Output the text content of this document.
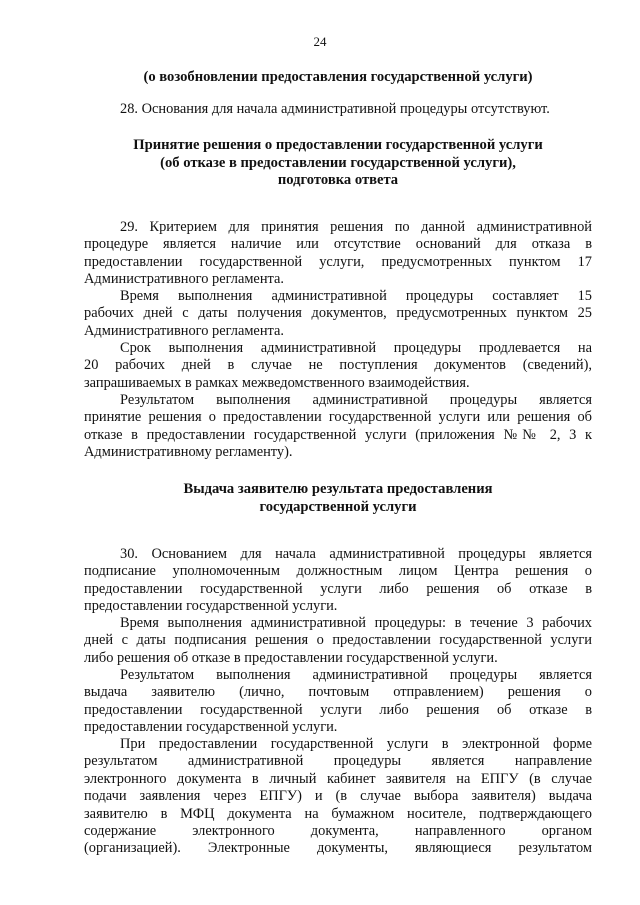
24
(о возобновлении предоставления государственной услуги)
28. Основания для начала административной процедуры отсутствуют.
Принятие решения о предоставлении государственной услуги
(об отказе в предоставлении государственной услуги),
подготовка ответа
29. Критерием для принятия решения по данной административной
процедуре является наличие или отсутствие оснований для отказа в
предоставлении государственной услуги, предусмотренных пунктом 17
Административного регламента.
Время выполнения административной процедуры составляет 15
рабочих дней с даты получения документов, предусмотренных пунктом 25
Административного регламента.
Срок выполнения административной процедуры продлевается на
20 рабочих дней в случае не поступления документов (сведений),
запрашиваемых в рамках межведомственного взаимодействия.
Результатом выполнения административной процедуры является
принятие решения о предоставлении государственной услуги или решения об
отказе в предоставлении государственной услуги (приложения №№ 2, 3 к
Административному регламенту).
Выдача заявителю результата предоставления
государственной услуги
30. Основанием для начала административной процедуры является
подписание уполномоченным должностным лицом Центра решения о
предоставлении государственной услуги либо решения об отказе в
предоставлении государственной услуги.
Время выполнения административной процедуры: в течение 3 рабочих
дней с даты подписания решения о предоставлении государственной услуги
либо решения об отказе в предоставлении государственной услуги.
Результатом выполнения административной процедуры является
выдача заявителю (лично, почтовым отправлением) решения о
предоставлении государственной услуги либо решения об отказе в
предоставлении государственной услуги.
При предоставлении государственной услуги в электронной форме
результатом административной процедуры является направление
электронного документа в личный кабинет заявителя на ЕПГУ (в случае
подачи заявления через ЕПГУ) и (в случае выбора заявителя) выдача
заявителю в МФЦ документа на бумажном носителе, подтверждающего
содержание электронного документа, направленного органом
(организацией). Электронные документы, являющиеся результатом
